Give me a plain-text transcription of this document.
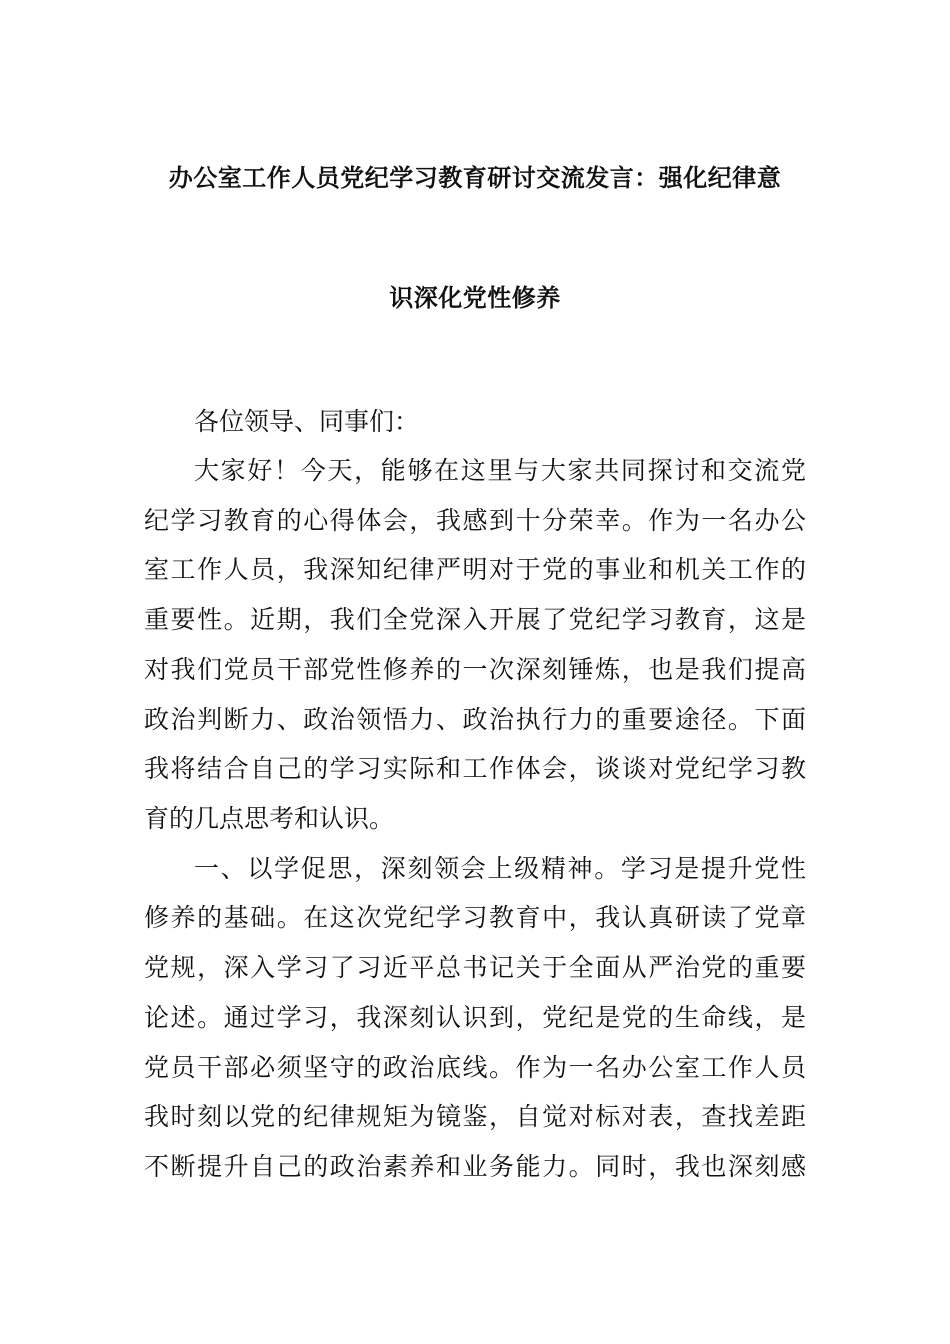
办公室工作人员党纪学习教育研讨交流发言：强化纪律意
识深化党性修养
各位领导、同事们：
大家好！今天，能够在这里与大家共同探讨和交流党
纪学习教育的心得体会，我感到十分荣幸。作为一名办公
室工作人员，我深知纪律严明对于党的事业和机关工作的
重要性。近期，我们全党深入开展了党纪学习教育，这是
对我们党员干部党性修养的一次深刻锤炼，也是我们提高
政治判断力、政治领悟力、政治执行力的重要途径。下面
我将结合自己的学习实际和工作体会，谈谈对党纪学习教
育的几点思考和认识。
一、以学促思，深刻领会上级精神。学习是提升党性
修养的基础。在这次党纪学习教育中，我认真研读了党章
党规，深入学习了习近平总书记关于全面从严治党的重要
论述。通过学习，我深刻认识到，党纪是党的生命线，是
党员干部必须坚守的政治底线。作为一名办公室工作人员
我时刻以党的纪律规矩为镜鉴，自觉对标对表，查找差距
不断提升自己的政治素养和业务能力。同时，我也深刻感
